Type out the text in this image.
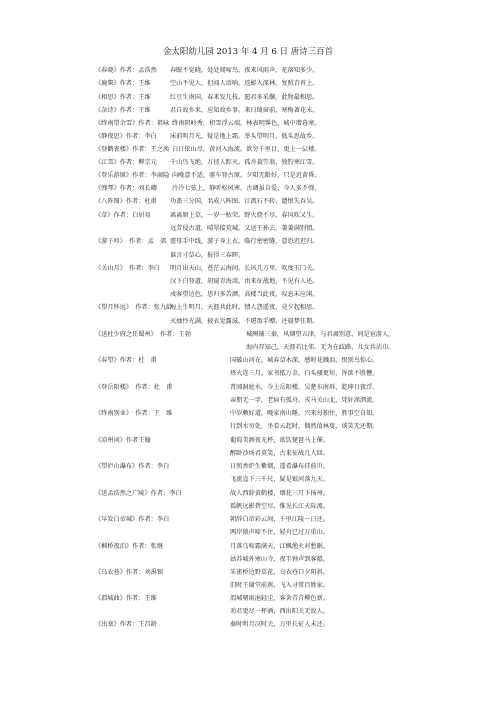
金太阳幼儿园 2013 年 4 月 6 日 唐诗三百首
《春晓》作者：孟浩然 春眠不觉晓，处处闻啼鸟。夜来风雨声，花落知多少。
《鹿柴》作者：王维	空山不见人，但闻人语响。返影入深林，复照青苔上。
《相思》作者：王维	红豆生南国，春来发几枝。愿君多采撷，此物最相思。
《杂诗》作者：王维	君自故乡来，应知故乡事。来日绮窗前，寒梅著花未。
《终南望余雪》作者：祖咏 终南阴岭秀，积雪浮云端。林表明霁色，城中增暮寒。
《静夜思》作者：李白 床前明月光，疑是地上霜。举头望明月，低头思故乡。
《登鹳雀楼》作者：王之涣 白日依山尽，黄河入海流。欲穷千里目，更上一层楼。
《江雪》作者：柳宗元 千山鸟飞绝，万径人踪灭。孤舟蓑笠翁，独钓寒江雪。
《登乐游原》作者：李商隐 向晚意不适，驱车登古原。夕阳无限好，只是近黄昏。
《弹琴》作者：刘长卿 泠泠七弦上，静听松风寒。古调虽自爱，今人多不弹。
《八阵图》作者：杜甫 功盖三分国，名成八阵图。江流石不转，遗恨失吞吴。
《草》作者：白居易	离离原上草，一岁一枯荣。野火烧不尽，春风吹又生。
远芳侵古道，晴翠接荒城。又送王孙去，萋萋满别情。
《游子吟》　作者：孟　郊 慈母手中线，游子身上衣。临行密密缝，意恐迟迟归。
谁言寸草心，报得三春晖。
《关山月》　作者：李白 明月出天山，苍茫云海间。长风几万里，吹度玉门关。
汉下白登道，胡窥青海湾。由来征战地，不见有人还。
戍客望边色，思归多苦颜。高楼当此夜，叹息未应闲。
《望月怀远》　作者：张九龄
海上生明月，天涯共此时。情人怨遥夜，竟夕起相思。
灭烛怜光满，披衣觉露滋。不堪盈手赠，还寝梦佳期。
《送杜少府之任蜀州》　作者：王勃	城阙辅三秦，风烟望五津。与君离别意，同是宦游人。
海内存知己，天涯若比邻。无为在歧路，儿女共沾巾。
《春望》作者：杜　甫	国破山河在，城春草木深。感时花溅泪，恨别鸟惊心。
烽火连三月，家书抵万金。白头搔更短，浑欲不胜簪。
《登岳阳楼》　作者：杜　甫	昔闻洞庭水，今上岳阳楼。吴楚东南坼，乾坤日夜浮。
亲朋无一字，老病有孤舟。戎马关山北，凭轩涕泗流。
《终南别业》　作者：王　维	中岁颇好道，晚家南山陲。兴来每独往，胜事空自知。
行到水穷处，坐看云起时。偶然值林叟，谈笑无还期。
《凉州词》作者王翰	葡萄美酒夜光杯，欲饮琵琶马上催。
醉卧沙场君莫笑，古来征战几人回。
《望庐山瀑布》作者：李白	日照香炉生紫烟，遥看瀑布挂前川。
飞流直下三千尺，疑是银河落九天。
《送孟浩然之广陵》作者：李白	故人西辞黄鹤楼，烟花三月下扬州。
孤帆远影碧空尽，惟见长江天际流。
《早发白帝城》作者：李白	朝辞白帝彩云间，千里江陵一日还。
两岸猿声啼不住，轻舟已过万重山。
《枫桥夜泊》作者：张继	月落乌啼霜满天，江枫渔火对愁眠。
姑苏城外寒山寺，夜半钟声到客船。
《乌衣巷》作者：刘禹锡	朱雀桥边野草花，乌衣巷口夕阳斜。
旧时王谢堂前燕，飞入寻常百姓家。
《渭城曲》作者：王维	渭城朝雨浥轻尘，客舍青青柳色新。
劝君更尽一杯酒，西出阳关无故人。
《出塞》作者：王昌龄	秦时明月汉时关，万里长征人未还。
